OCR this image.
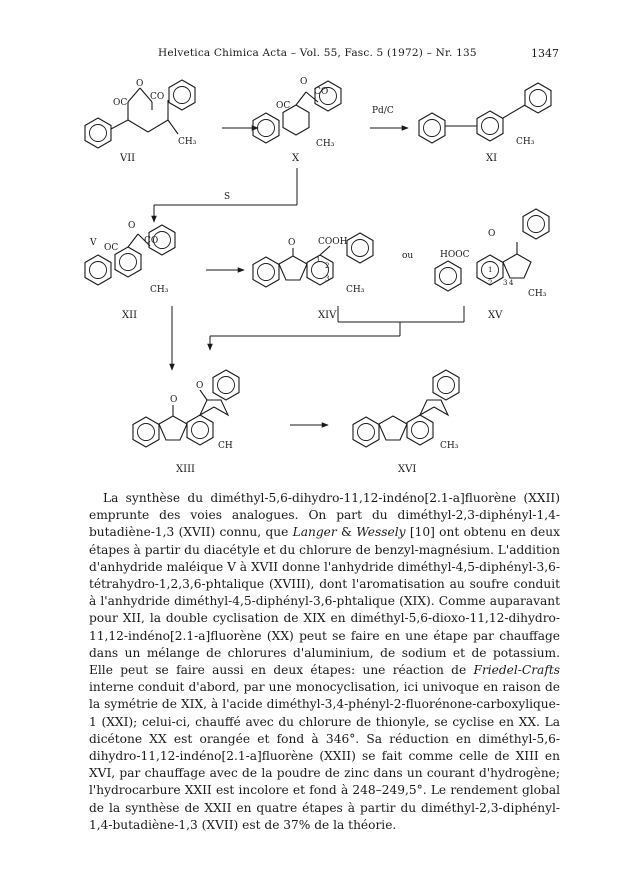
Helvetica Chimica Acta – Vol. 55, Fasc. 5 (1972) – Nr. 135	1347
O
CO
OC
CH₃
VII
O
CO
OC
CH₃
X
Pd/C
CH₃
XI
S
V
O
CO
OC
CH₃
XII
O	COOH
1
2
3
CH₃
XIV
ou
O
HOOC
1
2 3 4
CH₃
XV
O
O
CH
XIII
CH₃
XVI

La synthèse du diméthyl-5,6-dihydro-11,12-indéno[2.1-a]fluorène (XXII) emprunte des voies analogues. On part du diméthyl-2,3-diphényl-1,4-butadiène-1,3 (XVII) connu, que Langer & Wessely [10] ont obtenu en deux étapes à partir du diacétyle et du chlorure de benzyl-magnésium. L'addition d'anhydride maléique V à XVII donne l'anhydride diméthyl-4,5-diphényl-3,6-tétrahydro-1,2,3,6-phtalique (XVIII), dont l'aromatisation au soufre conduit à l'anhydride diméthyl-4,5-diphényl-3,6-phtalique (XIX). Comme auparavant pour XII, la double cyclisation de XIX en diméthyl-5,6-dioxo-11,12-dihydro-11,12-indéno[2.1-a]fluorène (XX) peut se faire en une étape par chauffage dans un mélange de chlorures d'aluminium, de sodium et de potassium. Elle peut se faire aussi en deux étapes: une réaction de Friedel-Crafts interne conduit d'abord, par une monocyclisation, ici univoque en raison de la symétrie de XIX, à l'acide diméthyl-3,4-phényl-2-fluorénone-carboxylique-1 (XXI); celui-ci, chauffé avec du chlorure de thionyle, se cyclise en XX. La dicétone XX est orangée et fond à 346°. Sa réduction en diméthyl-5,6-dihydro-11,12-indéno[2.1-a]fluorène (XXII) se fait comme celle de XIII en XVI, par chauffage avec de la poudre de zinc dans un courant d'hydrogène; l'hydrocarbure XXII est incolore et fond à 248–249,5°. Le rendement global de la synthèse de XXII en quatre étapes à partir du diméthyl-2,3-diphényl-1,4-butadiène-1,3 (XVII) est de 37% de la théorie.
